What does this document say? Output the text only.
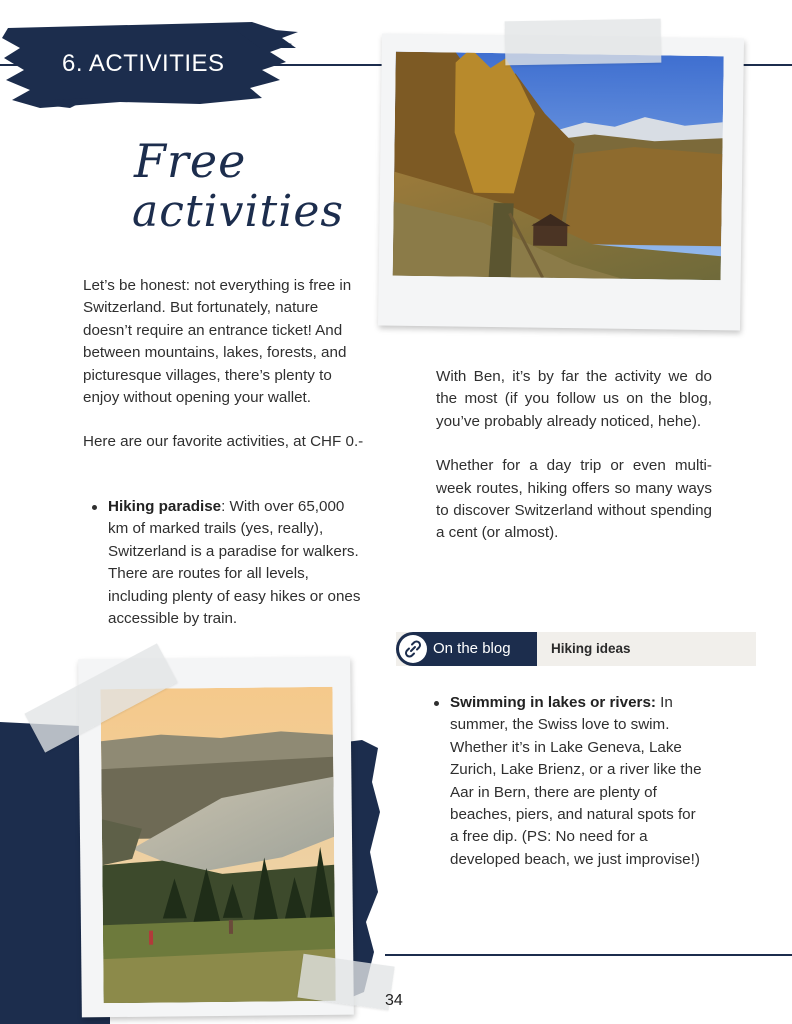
6. ACTIVITIES
Free
activities

Let’s be honest: not everything is free in Switzerland. But fortunately, nature doesn’t require an entrance ticket! And between mountains, lakes, forests, and picturesque villages, there’s plenty to enjoy without opening your wallet.

Here are our favorite activities, at CHF 0.-

Hiking paradise: With over 65,000 km of marked trails (yes, really), Switzerland is a paradise for walkers. There are routes for all levels, including plenty of easy hikes or ones accessible by train.

With Ben, it’s by far the activity we do the most (if you follow us on the blog, you’ve probably already noticed, hehe).

Whether for a day trip or even multi-week routes, hiking offers so many ways to discover Switzerland without spending a cent (or almost).

On the blog	Hiking ideas
Swimming in lakes or rivers: In summer, the Swiss love to swim. Whether it’s in Lake Geneva, Lake Zurich, Lake Brienz, or a river like the Aar in Bern, there are plenty of beaches, piers, and natural spots for a free dip. (PS: No need for a developed beach, we just improvise!)
34
